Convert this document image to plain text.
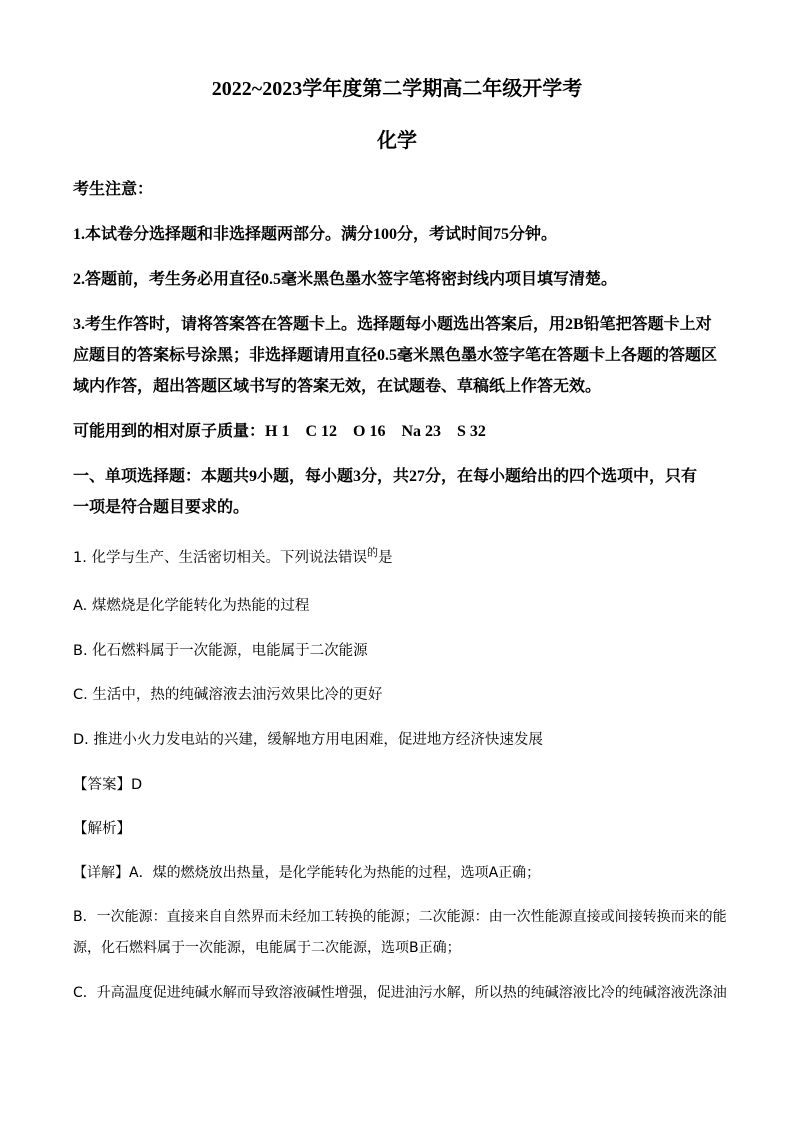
2022~2023学年度第二学期高二年级开学考
化学
考生注意：
1.本试卷分选择题和非选择题两部分。满分100分，考试时间75分钟。
2.答题前，考生务必用直径0.5毫米黑色墨水签字笔将密封线内项目填写清楚。
3.考生作答时，请将答案答在答题卡上。选择题每小题选出答案后，用2B铅笔把答题卡上对
应题目的答案标号涂黑；非选择题请用直径0.5毫米黑色墨水签字笔在答题卡上各题的答题区
域内作答，超出答题区域书写的答案无效，在试题卷、草稿纸上作答无效。
可能用到的相对原子质量：H 1　C 12　O 16　Na 23　S 32
一、单项选择题：本题共9小题，每小题3分，共27分，在每小题给出的四个选项中，只有
一项是符合题目要求的。
1. 化学与生产、生活密切相关。下列说法错误$^的$是
A. 煤燃烧是化学能转化为热能的过程
B. 化石燃料属于一次能源，电能属于二次能源
C. 生活中，热的纯碱溶液去油污效果比冷的更好
D. 推进小火力发电站的兴建，缓解地方用电困难，促进地方经济快速发展
【答案】D
【解析】
【详解】A．煤的燃烧放出热量，是化学能转化为热能的过程，选项A正确；
B．一次能源：直接来自自然界而未经加工转换的能源；二次能源：由一次性能源直接或间接转换而来的能
源，化石燃料属于一次能源，电能属于二次能源，选项B正确；
C．升高温度促进纯碱水解而导致溶液碱性增强，促进油污水解，所以热的纯碱溶液比冷的纯碱溶液洗涤油
